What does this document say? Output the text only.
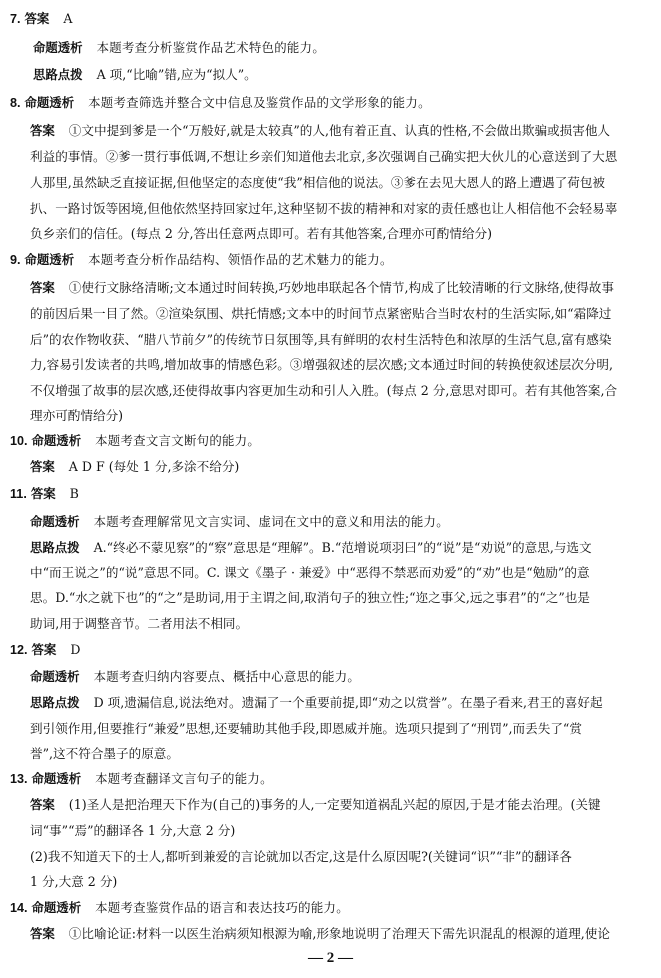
7. 答案 A
命题透析 本题考查分析鉴赏作品艺术特色的能力。
思路点拨 A 项,“比喻”错,应为“拟人”。
8. 命题透析 本题考查筛选并整合文中信息及鉴赏作品的文学形象的能力。
答案 ①文中提到爹是一个“万般好,就是太较真”的人,他有着正直、认真的性格,不会做出欺骗或损害他人
利益的事情。②爹一贯行事低调,不想让乡亲们知道他去北京,多次强调自己确实把大伙儿的心意送到了大恩
人那里,虽然缺乏直接证据,但他坚定的态度使“我”相信他的说法。③爹在去见大恩人的路上遭遇了荷包被
扒、一路讨饭等困境,但他依然坚持回家过年,这种坚韧不拔的精神和对家的责任感也让人相信他不会轻易辜
负乡亲们的信任。(每点 2 分,答出任意两点即可。若有其他答案,合理亦可酌情给分)
9. 命题透析 本题考查分析作品结构、领悟作品的艺术魅力的能力。
答案 ①使行文脉络清晰;文本通过时间转换,巧妙地串联起各个情节,构成了比较清晰的行文脉络,使得故事
的前因后果一目了然。②渲染氛围、烘托情感;文本中的时间节点紧密贴合当时农村的生活实际,如“霜降过
后”的农作物收获、“腊八节前夕”的传统节日氛围等,具有鲜明的农村生活特色和浓厚的生活气息,富有感染
力,容易引发读者的共鸣,增加故事的情感色彩。③增强叙述的层次感;文本通过时间的转换使叙述层次分明,
不仅增强了故事的层次感,还使得故事内容更加生动和引人入胜。(每点 2 分,意思对即可。若有其他答案,合
理亦可酌情给分)
10. 命题透析 本题考查文言文断句的能力。
答案 A D F (每处 1 分,多涂不给分)
11. 答案 B
命题透析 本题考查理解常见文言实词、虚词在文中的意义和用法的能力。
思路点拨 A.“终必不蒙见察”的“察”意思是“理解”。B.“范增说项羽曰”的“说”是“劝说”的意思,与选文
中“而王说之”的“说”意思不同。C. 课文《墨子 · 兼爱》中“恶得不禁恶而劝爱”的“劝”也是“勉励”的意
思。D.“水之就下也”的“之”是助词,用于主谓之间,取消句子的独立性;“迩之事父,远之事君”的“之”也是
助词,用于调整音节。二者用法不相同。
12. 答案 D
命题透析 本题考查归纳内容要点、概括中心意思的能力。
思路点拨 D 项,遗漏信息,说法绝对。遗漏了一个重要前提,即“劝之以赏誉”。在墨子看来,君王的喜好起
到引领作用,但要推行“兼爱”思想,还要辅助其他手段,即恩威并施。选项只提到了“刑罚”,而丢失了“赏
誉”,这不符合墨子的原意。
13. 命题透析 本题考查翻译文言句子的能力。
答案 (1)圣人是把治理天下作为(自己的)事务的人,一定要知道祸乱兴起的原因,于是才能去治理。(关键
词“事”“焉”的翻译各 1 分,大意 2 分)
(2)我不知道天下的士人,都听到兼爱的言论就加以否定,这是什么原因呢?(关键词“识”“非”的翻译各
1 分,大意 2 分)
14. 命题透析 本题考查鉴赏作品的语言和表达技巧的能力。
答案 ①比喻论证:材料一以医生治病须知根源为喻,形象地说明了治理天下需先识混乱的根源的道理,使论
— 2 —
